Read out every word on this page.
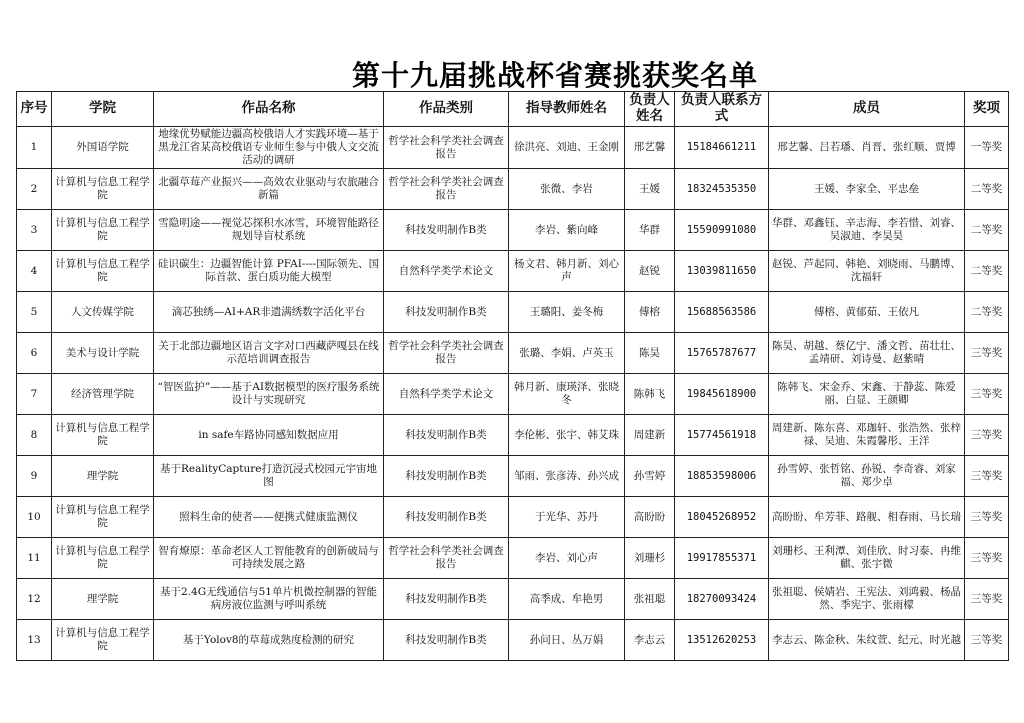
第十九届挑战杯省赛挑获奖名单
序号	学院	作品名称	作品类别	指导教师姓名	负责人姓名	负责人联系方式	成员	奖项
1	外国语学院	地缘优势赋能边疆高校俄语人才实践环境—基于黑龙江省某高校俄语专业师生参与中俄人文交流活动的调研	哲学社会科学类社会调查报告	徐洪亮、刘迪、王金刚	邢艺馨	15184661211	邢艺馨、吕若璠、肖晋、张红顺、贾博	一等奖
2	计算机与信息工程学院	北疆草莓产业振兴——高效农业驱动与农旅融合新篇	哲学社会科学类社会调查报告	张微、李岩	王媛	18324535350	王媛、李家全、平忠垒	二等奖
3	计算机与信息工程学院	雪隐明途——视觉芯探积水冰雪，环境智能路径规划导盲杖系统	科技发明制作B类	李岩、紫向峰	华群	15590991080	华群、邓鑫钰、辛志海、李若惜、刘睿、吴淑迪、李昊昊	二等奖
4	计算机与信息工程学院	硅识碳生：边疆智能计算 PFAI----国际领先、国际首款、蛋白质功能大模型	自然科学类学术论文	杨文君、韩月新、刘心声	赵锐	13039811650	赵锐、芦起同、韩艳、刘晓雨、马鹏博、沈福轩	二等奖
5	人文传媒学院	滴芯独绣—AI+AR非遗满绣数字活化平台	科技发明制作B类	王璐阳、姜冬梅	傅榕	15688563586	傅榕、黄郁茹、王依凡	二等奖
6	美术与设计学院	关于北部边疆地区语言文字对口西藏萨嘎县在线示范培训调查报告	哲学社会科学类社会调查报告	张璐、李娟、卢英玉	陈昊	15765787677	陈昊、胡越、蔡亿宁、潘文哲、苗壮壮、孟靖研、刘诗曼、赵紫晴	三等奖
7	经济管理学院	“智医监护”——基于AI数据模型的医疗服务系统设计与实现研究	自然科学类学术论文	韩月新、康瑛泽、张晓冬	陈韩飞	19845618900	陈韩飞、宋金乔、宋鑫、于静蕊、陈爱丽、白显、王颜卿	三等奖
8	计算机与信息工程学院	in safe车路协同感知数据应用	科技发明制作B类	李伦彬、张宇、韩艾珠	周建新	15774561918	周建新、陈东喜、邓珈轩、张浩然、张梓禄、吴迪、朱霞馨彤、王洋	三等奖
9	理学院	基于RealityCapture打造沉浸式校园元宇宙地图	科技发明制作B类	邹雨、张彦涛、孙兴成	孙雪婷	18853598006	孙雪婷、张哲铭、孙锐、李奇睿、刘家福、郑少卓	三等奖
10	计算机与信息工程学院	照料生命的使者——便携式健康监测仪	科技发明制作B类	于光华、苏丹	高盼盼	18045268952	高盼盼、牟芳菲、路舰、相春雨、马长瑞	三等奖
11	计算机与信息工程学院	智育燎原：革命老区人工智能教育的创新破局与可持续发展之路	哲学社会科学类社会调查报告	李岩、刘心声	刘珊杉	19917855371	刘珊杉、王利潭、刘佳欣、时习泰、冉维麒、张宇微	三等奖
12	理学院	基于2.4G无线通信与51单片机微控制器的智能病房液位监测与呼叫系统	科技发明制作B类	高季成、牟艳男	张祖聪	18270093424	张祖聪、侯婧岩、王宪法、刘鸿毅、杨晶然、季宪宇、张雨檬	三等奖
13	计算机与信息工程学院	基于Yolov8的草莓成熟度检测的研究	科技发明制作B类	孙问日、丛万娟	李志云	13512620253	李志云、陈金秋、朱纹萱、纪元、时光越	三等奖
